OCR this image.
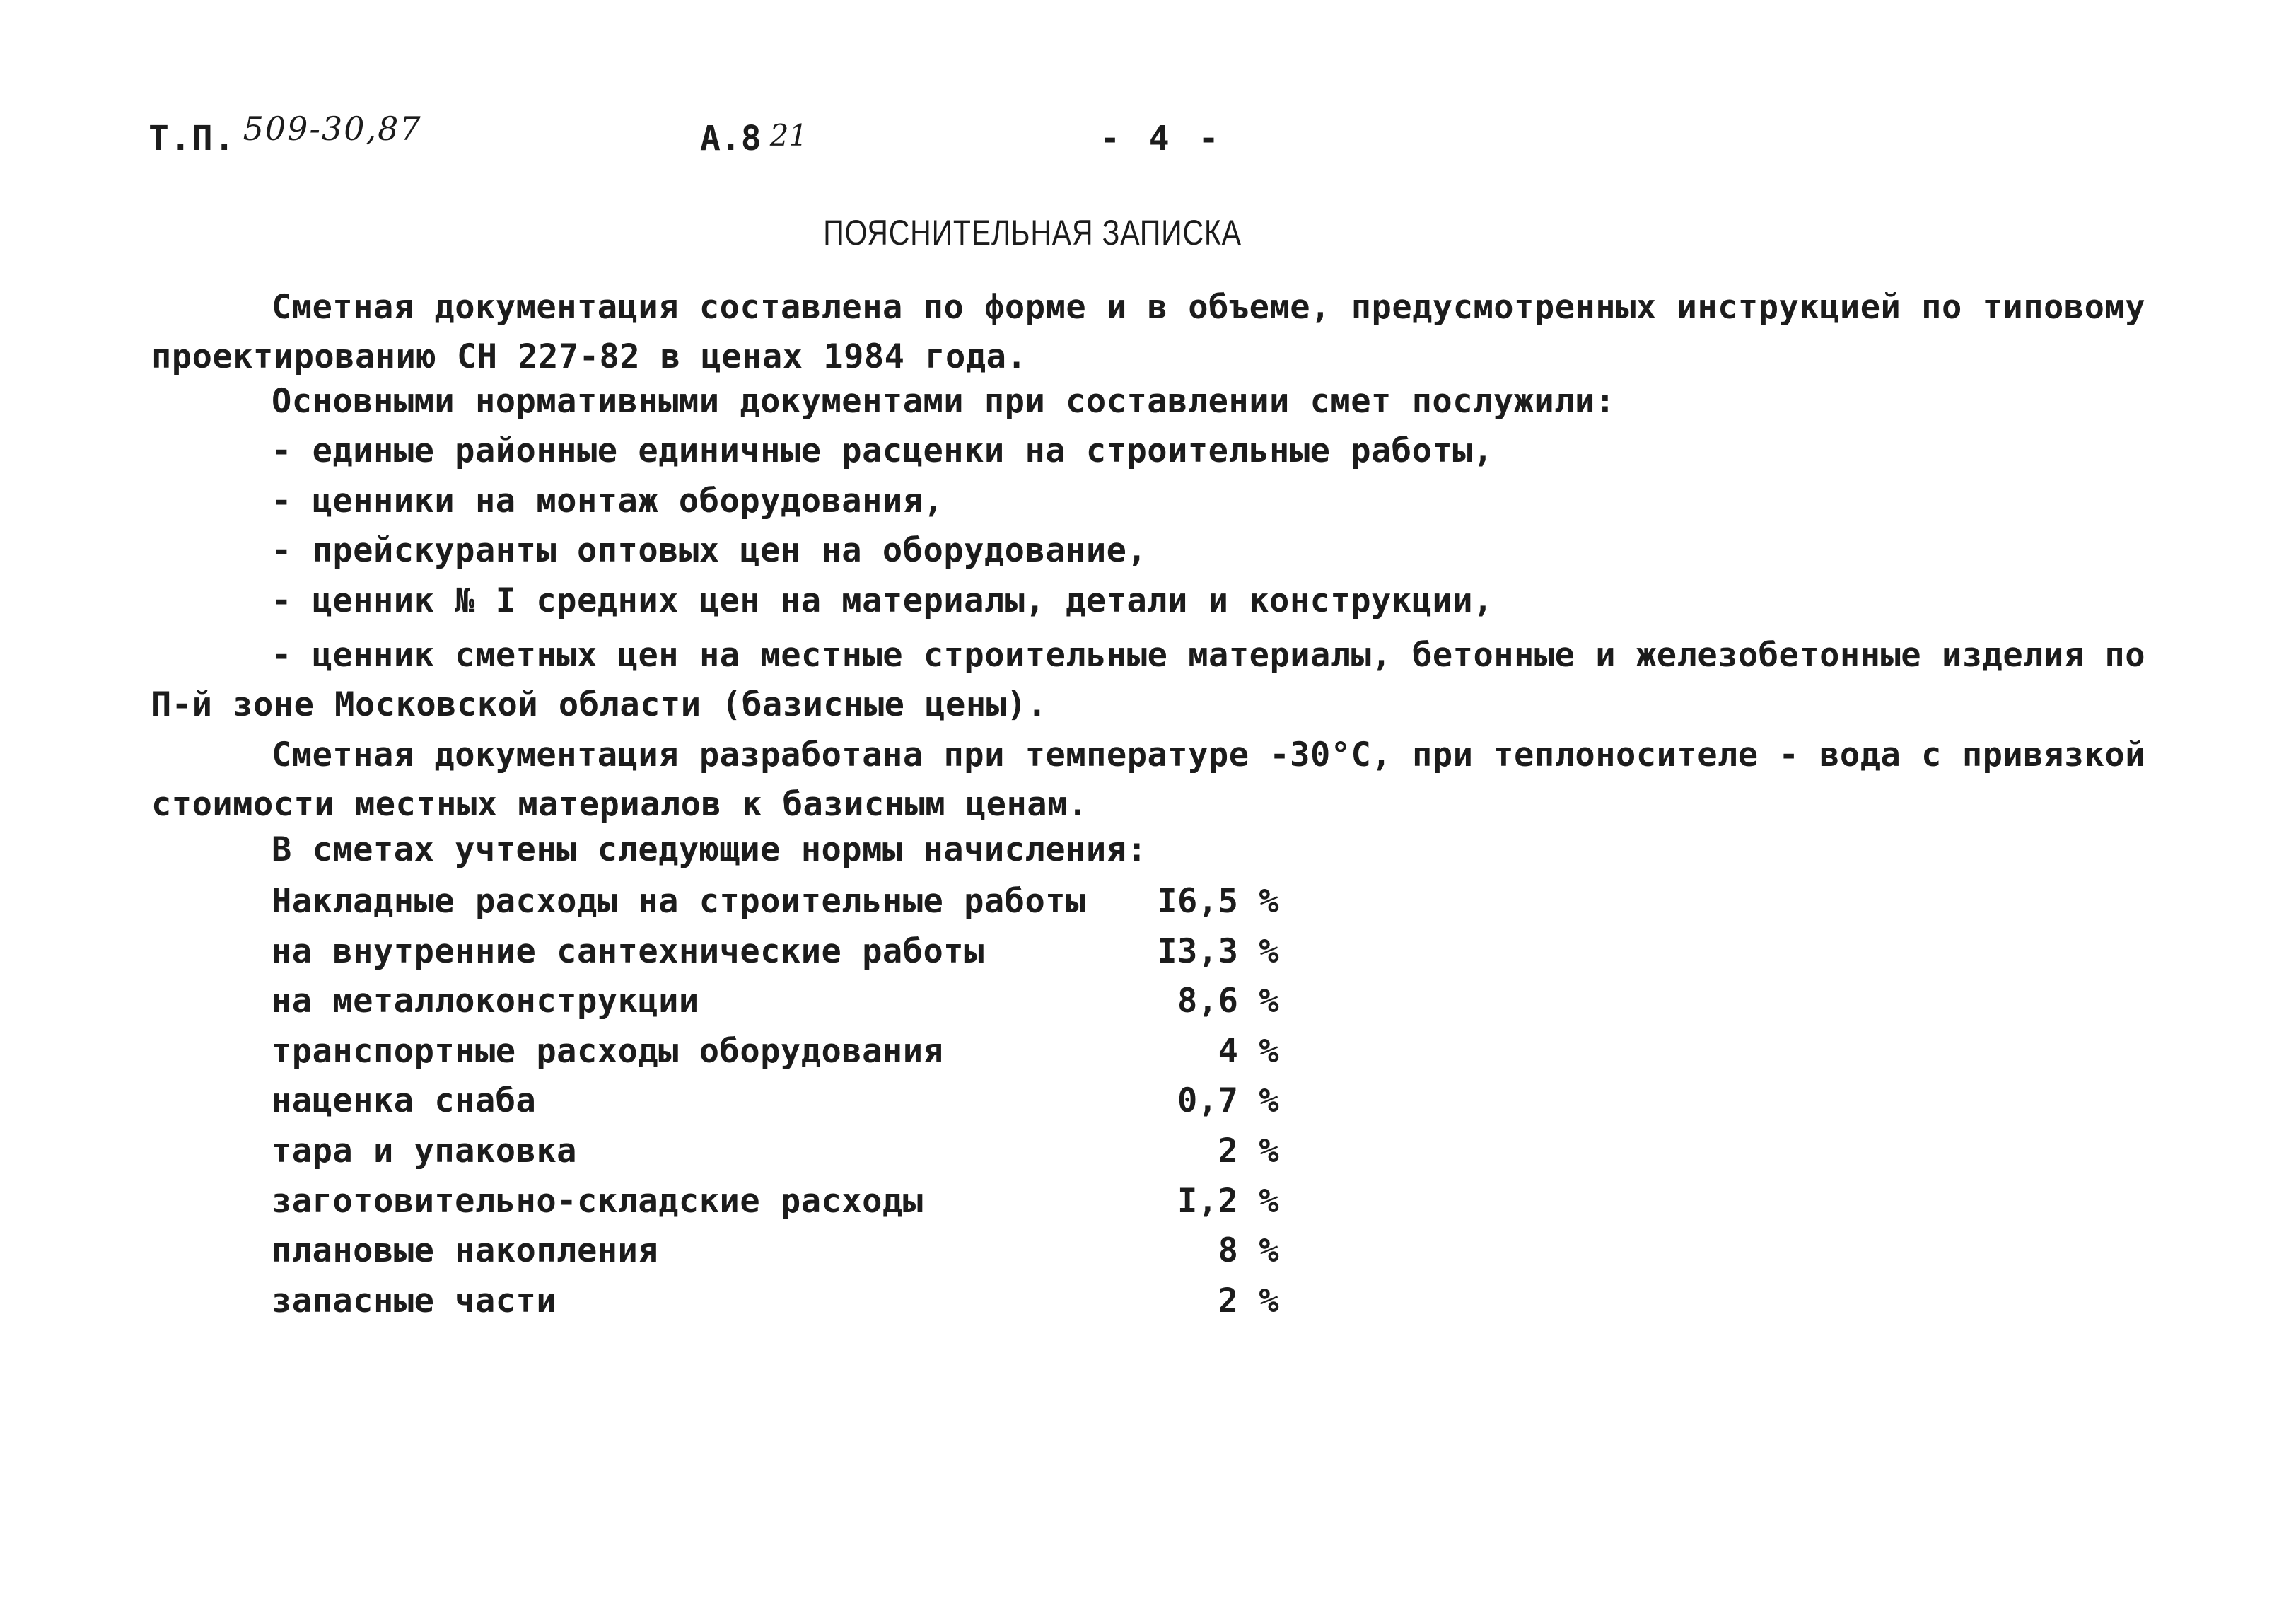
Т.П. 509-30,87	А.8 21	- 4 -
ПОЯСНИТЕЛЬНАЯ ЗАПИСКА
Сметная документация составлена по форме и в объеме, предусмотренных инструкцией по типовому проектированию СН 227-82 в ценах 1984 года.
Основными нормативными документами при составлении смет послужили:
- единые районные единичные расценки на строительные работы,
- ценники на монтаж оборудования,
- прейскуранты оптовых цен на оборудование,
- ценник № I средних цен на материалы, детали и конструкции,
- ценник сметных цен на местные строительные материалы, бетонные и железобетонные изделия по П-й зоне Московской области (базисные цены).
Сметная документация разработана при температуре -30°С, при теплоносителе - вода с привязкой стоимости местных материалов к базисным ценам.
В сметах учтены следующие нормы начисления:
Накладные расходы на строительные работы	I6,5 %
на внутренние сантехнические работы	I3,3 %
на металлоконструкции	8,6 %
транспортные расходы оборудования	4 %
наценка снаба	0,7 %
тара и упаковка	2 %
заготовительно-складские расходы	I,2 %
плановые накопления	8 %
запасные части	2 %
